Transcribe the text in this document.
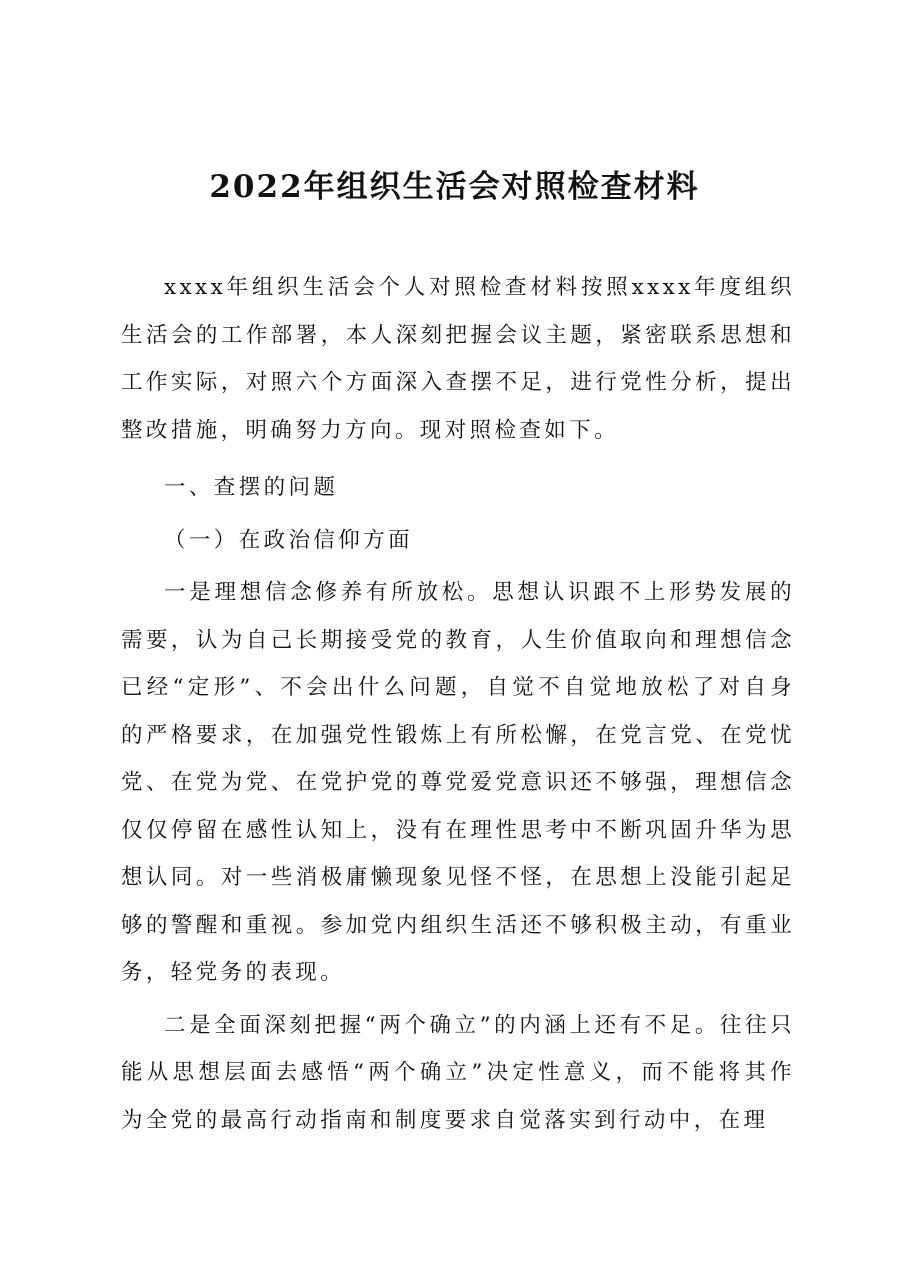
2022年组织生活会对照检查材料

xxxx年组织生活会个人对照检查材料按照xxxx年度组织生活会的工作部署，本人深刻把握会议主题，紧密联系思想和工作实际，对照六个方面深入查摆不足，进行党性分析，提出整改措施，明确努力方向。现对照检查如下。

一、查摆的问题

（一）在政治信仰方面

一是理想信念修养有所放松。思想认识跟不上形势发展的需要，认为自己长期接受党的教育，人生价值取向和理想信念已经“定形”、不会出什么问题，自觉不自觉地放松了对自身的严格要求，在加强党性锻炼上有所松懈，在党言党、在党忧党、在党为党、在党护党的尊党爱党意识还不够强，理想信念仅仅停留在感性认知上，没有在理性思考中不断巩固升华为思想认同。对一些消极庸懒现象见怪不怪，在思想上没能引起足够的警醒和重视。参加党内组织生活还不够积极主动，有重业务，轻党务的表现。

二是全面深刻把握“两个确立”的内涵上还有不足。往往只能从思想层面去感悟“两个确立”决定性意义，而不能将其作为全党的最高行动指南和制度要求自觉落实到行动中，在理
